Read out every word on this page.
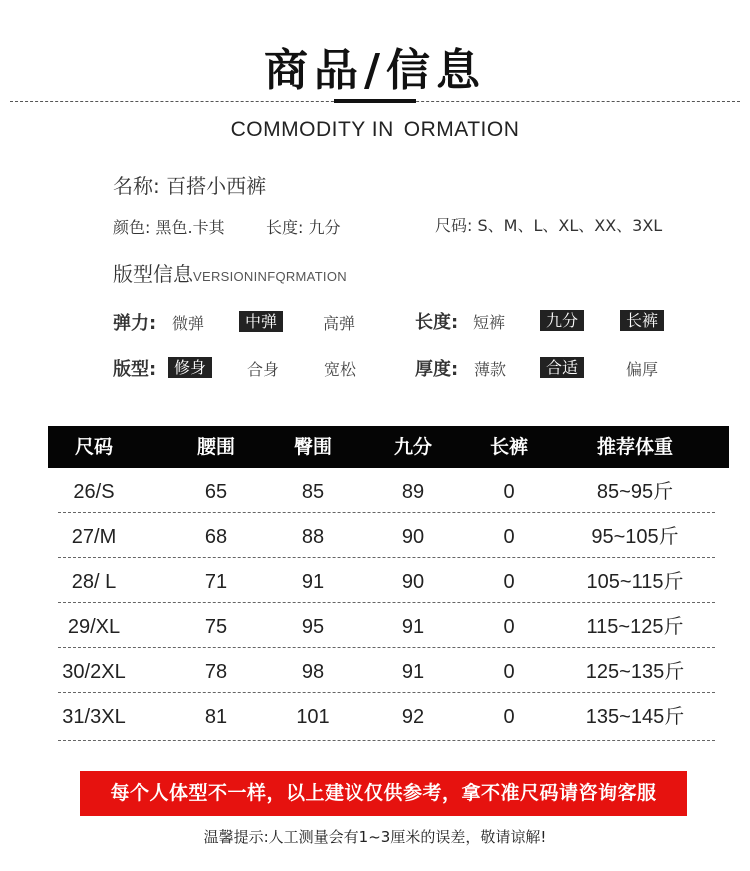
商品/信息
COMMODITY IN ORMATION
名称: 百搭小西裤
颜色: 黑色.卡其	长度: 九分	尺码: S、M、L、XL、XX、3XL
版型信息VERSIONINFQRMATION
弹力: 微弹	中弹	高弹	长度: 短裤	九分	长裤
版型:	修身	合身	宽松	厚度: 薄款	合适	偏厚
尺码	腰围	臀围	九分	长裤	推荐体重
26/S	65	85	89	0	85~95斤
27/M	68	88	90	0	95~105斤
28/ L	71	91	90	0	105~115斤
29/XL	75	95	91	0	115~125斤
30/2XL	78	98	91	0	125~135斤
31/3XL	81	101	92	0	135~145斤
每个人体型不一样，以上建议仅供参考，拿不准尺码请咨询客服
温馨提示:人工测量会有1~3厘米的误差，敬请谅解!
